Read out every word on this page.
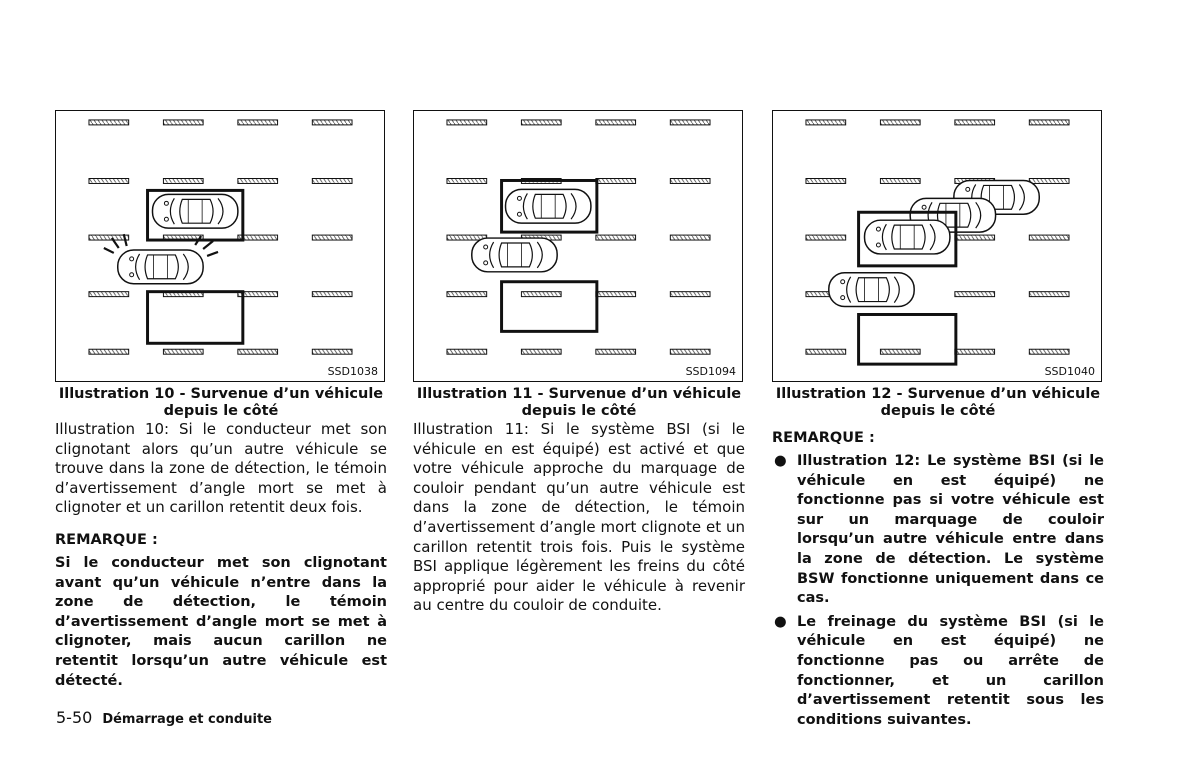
SSD1038	SSD1094	SSD1040
Illustration 10 - Survenue d’un véhicule
depuis le côté

Illustration 10: Si le conducteur met son clignotant alors qu’un autre véhicule se trouve dans la zone de détection, le témoin d’avertissement d’angle mort se met à clignoter et un carillon retentit deux fois.

REMARQUE :

Si le conducteur met son clignotant avant qu’un véhicule n’entre dans la zone de détection, le témoin d’avertissement d’angle mort se met à clignoter, mais aucun carillon ne retentit lorsqu’un autre véhicule est détecté.

Illustration 11 - Survenue d’un véhicule
depuis le côté

Illustration 11: Si le système BSI (si le véhicule en est équipé) est activé et que votre véhicule approche du marquage de couloir pendant qu’un autre véhicule est dans la zone de détection, le témoin d’avertissement d’angle mort clignote et un carillon retentit trois fois. Puis le système BSI applique légèrement les freins du côté approprié pour aider le véhicule à revenir au centre du couloir de conduite.

Illustration 12 - Survenue d’un véhicule
depuis le côté
REMARQUE :
● Illustration 12: Le système BSI (si le véhicule en est équipé) ne fonctionne pas si votre véhicule est sur un marquage de couloir lorsqu’un autre véhicule entre dans la zone de détection. Le système BSW fonctionne uniquement dans ce cas.
● Le freinage du système BSI (si le véhicule en est équipé) ne fonctionne pas ou arrête de fonctionner, et un carillon d’avertissement retentit sous les conditions suivantes.
5-50 Démarrage et conduite
